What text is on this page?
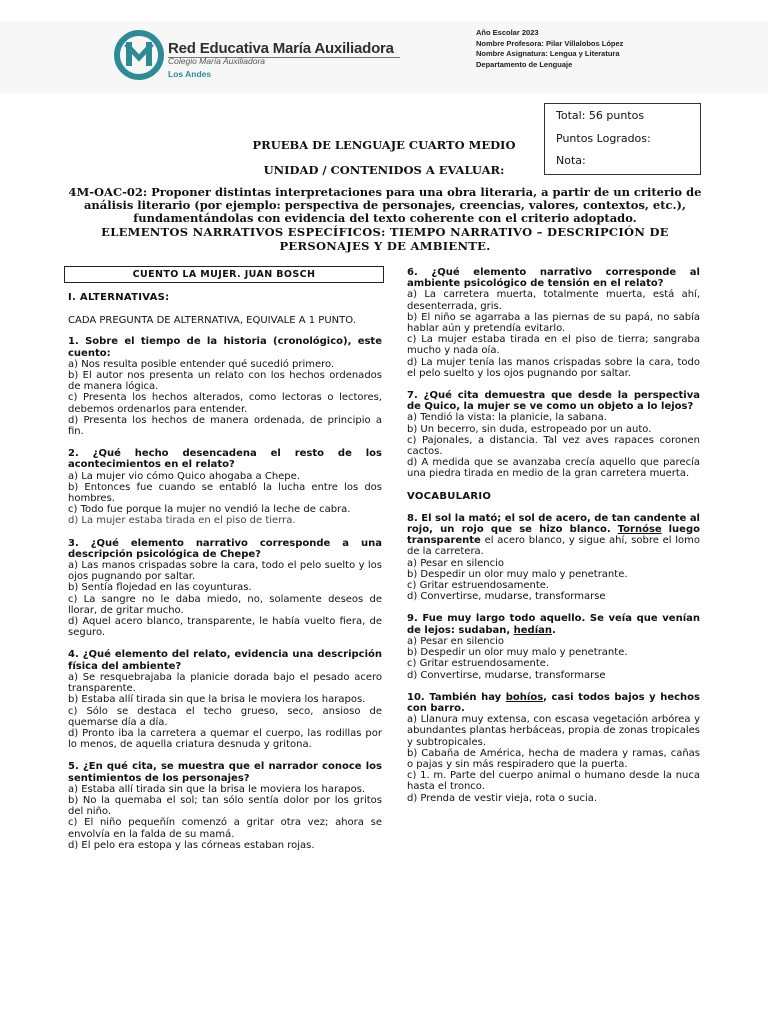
Red Educativa María Auxiliadora
Colegio María Auxiliadora
Los Andes
Año Escolar 2023
Nombre Profesora: Pilar Villalobos López
Nombre Asignatura: Lengua y Literatura
Departamento de Lenguaje
Total: 56 puntos
Puntos Logrados:
Nota:
PRUEBA DE LENGUAJE CUARTO MEDIO
UNIDAD / CONTENIDOS A EVALUAR:
4M-OAC-02: Proponer distintas interpretaciones para una obra literaria, a partir de un criterio de análisis literario (por ejemplo: perspectiva de personajes, creencias, valores, contextos, etc.), fundamentándolas con evidencia del texto coherente con el criterio adoptado.
ELEMENTOS NARRATIVOS ESPECÍFICOS: TIEMPO NARRATIVO – DESCRIPCIÓN DE PERSONAJES Y DE AMBIENTE.
CUENTO LA MUJER. JUAN BOSCH

I. ALTERNATIVAS:

CADA PREGUNTA DE ALTERNATIVA, EQUIVALE A 1 PUNTO.

1. Sobre el tiempo de la historia (cronológico), este cuento:

a) Nos resulta posible entender qué sucedió primero.

b) El autor nos presenta un relato con los hechos ordenados de manera lógica.

c) Presenta los hechos alterados, como lectoras o lectores, debemos ordenarlos para entender.

d) Presenta los hechos de manera ordenada, de principio a fin.

2. ¿Qué hecho desencadena el resto de los acontecimientos en el relato?

a) La mujer vio cómo Quico ahogaba a Chepe.

b) Entonces fue cuando se entabló la lucha entre los dos hombres.

c) Todo fue porque la mujer no vendió la leche de cabra.

d) La mujer estaba tirada en el piso de tierra.

3. ¿Qué elemento narrativo corresponde a una descripción psicológica de Chepe?

a) Las manos crispadas sobre la cara, todo el pelo suelto y los ojos pugnando por saltar.

b) Sentía flojedad en las coyunturas.

c) La sangre no le daba miedo, no, solamente deseos de llorar, de gritar mucho.

d) Aquel acero blanco, transparente, le había vuelto fiera, de seguro.

4. ¿Qué elemento del relato, evidencia una descripción física del ambiente?

a) Se resquebrajaba la planicie dorada bajo el pesado acero transparente.

b) Estaba allí tirada sin que la brisa le moviera los harapos.

c) Sólo se destaca el techo grueso, seco, ansioso de quemarse día a día.

d) Pronto iba la carretera a quemar el cuerpo, las rodillas por lo menos, de aquella criatura desnuda y gritona.

5. ¿En qué cita, se muestra que el narrador conoce los sentimientos de los personajes?

a) Estaba allí tirada sin que la brisa le moviera los harapos.

b) No la quemaba el sol; tan sólo sentía dolor por los gritos del niño.

c) El niño pequeñín comenzó a gritar otra vez; ahora se envolvía en la falda de su mamá.

d) El pelo era estopa y las córneas estaban rojas.

6. ¿Qué elemento narrativo corresponde al ambiente psicológico de tensión en el relato?

a) La carretera muerta, totalmente muerta, está ahí, desenterrada, gris.

b) El niño se agarraba a las piernas de su papá, no sabía hablar aún y pretendía evitarlo.

c) La mujer estaba tirada en el piso de tierra; sangraba mucho y nada oía.

d) La mujer tenía las manos crispadas sobre la cara, todo el pelo suelto y los ojos pugnando por saltar.

7. ¿Qué cita demuestra que desde la perspectiva de Quico, la mujer se ve como un objeto a lo lejos?

a) Tendió la vista: la planicie, la sabana.

b) Un becerro, sin duda, estropeado por un auto.

c) Pajonales, a distancia. Tal vez aves rapaces coronen cactos.

d) A medida que se avanzaba crecía aquello que parecía una piedra tirada en medio de la gran carretera muerta.

VOCABULARIO

8. El sol la mató; el sol de acero, de tan candente al rojo, un rojo que se hizo blanco. Tornóse luego transparente el acero blanco, y sigue ahí, sobre el lomo de la carretera.

a) Pesar en silencio

b) Despedir un olor muy malo y penetrante.

c) Gritar estruendosamente.

d) Convertirse, mudarse, transformarse

9. Fue muy largo todo aquello. Se veía que venían de lejos: sudaban, hedían.

a) Pesar en silencio

b) Despedir un olor muy malo y penetrante.

c) Gritar estruendosamente.

d) Convertirse, mudarse, transformarse

10. También hay bohíos, casi todos bajos y hechos con barro.

a) Llanura muy extensa, con escasa vegetación arbórea y abundantes plantas herbáceas, propia de zonas tropicales y subtropicales.

b) Cabaña de América, hecha de madera y ramas, cañas o pajas y sin más respiradero que la puerta.

c) 1. m. Parte del cuerpo animal o humano desde la nuca hasta el tronco.

d) Prenda de vestir vieja, rota o sucia.
